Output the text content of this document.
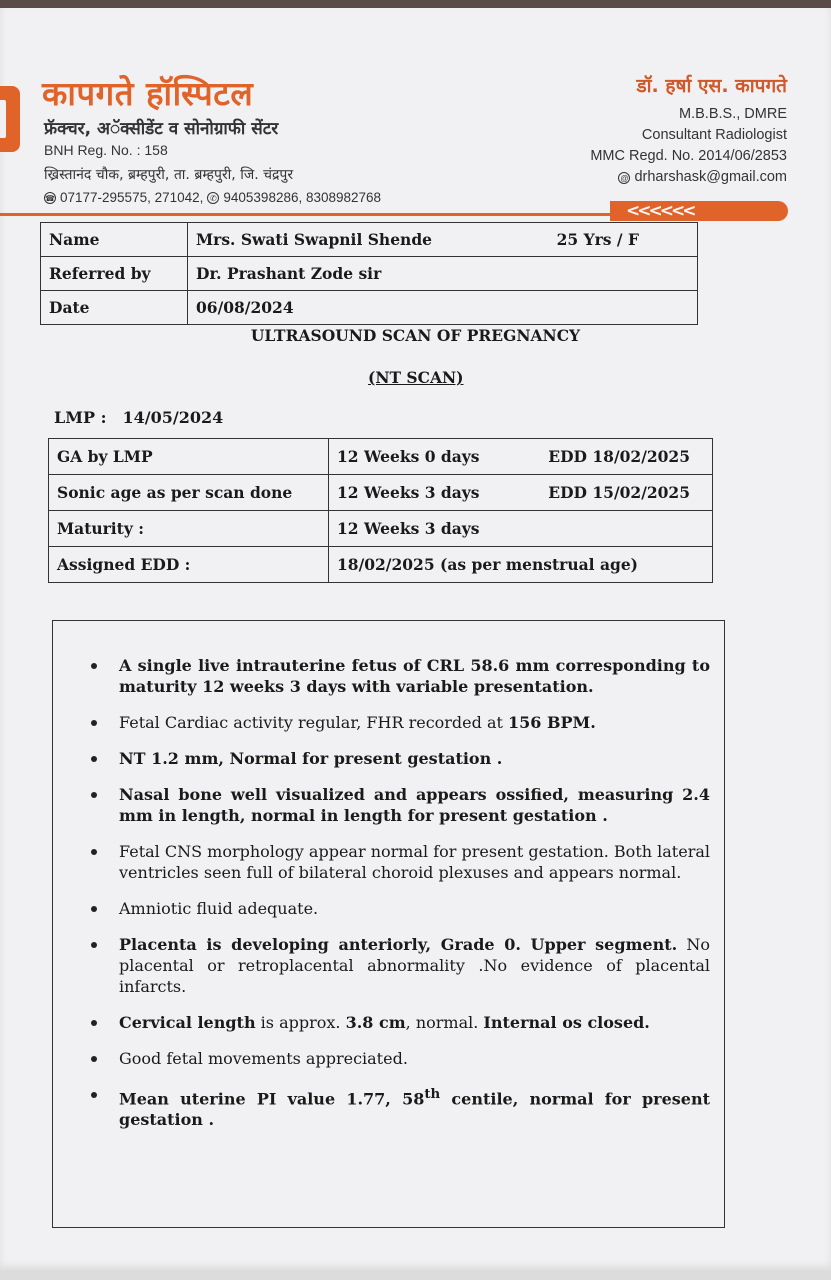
कापगते हॉस्पिटल
फ्रॅक्चर, अॅक्सीडेंट व सोनोग्राफी सेंटर
BNH Reg. No. : 158
ख्रिस्तानंद चौक, ब्रम्हपुरी, ता. ब्रम्हपुरी, जि. चंद्रपुर
☎ 07177-295575, 271042, ✆ 9405398286, 8308982768
डॉ. हर्षा एस. कापगते
M.B.B.S., DMRE
Consultant Radiologist
MMC Regd. No. 2014/06/2853
@ drharshask@gmail.com
<<<<<<
Name	Mrs. Swati Swapnil Shende 25 Yrs / F

Referred by	Dr. Prashant Zode sir
Date	06/08/2024
ULTRASOUND SCAN OF PREGNANCY
(NT SCAN)
LMP : 14/05/2024
GA by LMP	12 Weeks 0 days EDD 18/02/2025

Sonic age as per scan done	12 Weeks 3 days EDD 15/02/2025

Maturity :	12 Weeks 3 days
Assigned EDD :	18/02/2025 (as per menstrual age)
A single live intrauterine fetus of CRL 58.6 mm corresponding to maturity 12 weeks 3 days with variable presentation.
Fetal Cardiac activity regular, FHR recorded at 156 BPM.
NT 1.2 mm, Normal for present gestation .
Nasal bone well visualized and appears ossified, measuring 2.4 mm in length, normal in length for present gestation .
Fetal CNS morphology appear normal for present gestation. Both lateral ventricles seen full of bilateral choroid plexuses and appears normal.
Amniotic fluid adequate.
Placenta is developing anteriorly, Grade 0. Upper segment. No placental or retroplacental abnormality .No evidence of placental infarcts.
Cervical length is approx. 3.8 cm, normal. Internal os closed.
Good fetal movements appreciated.
Mean uterine PI value 1.77, 58th centile, normal for present gestation .
